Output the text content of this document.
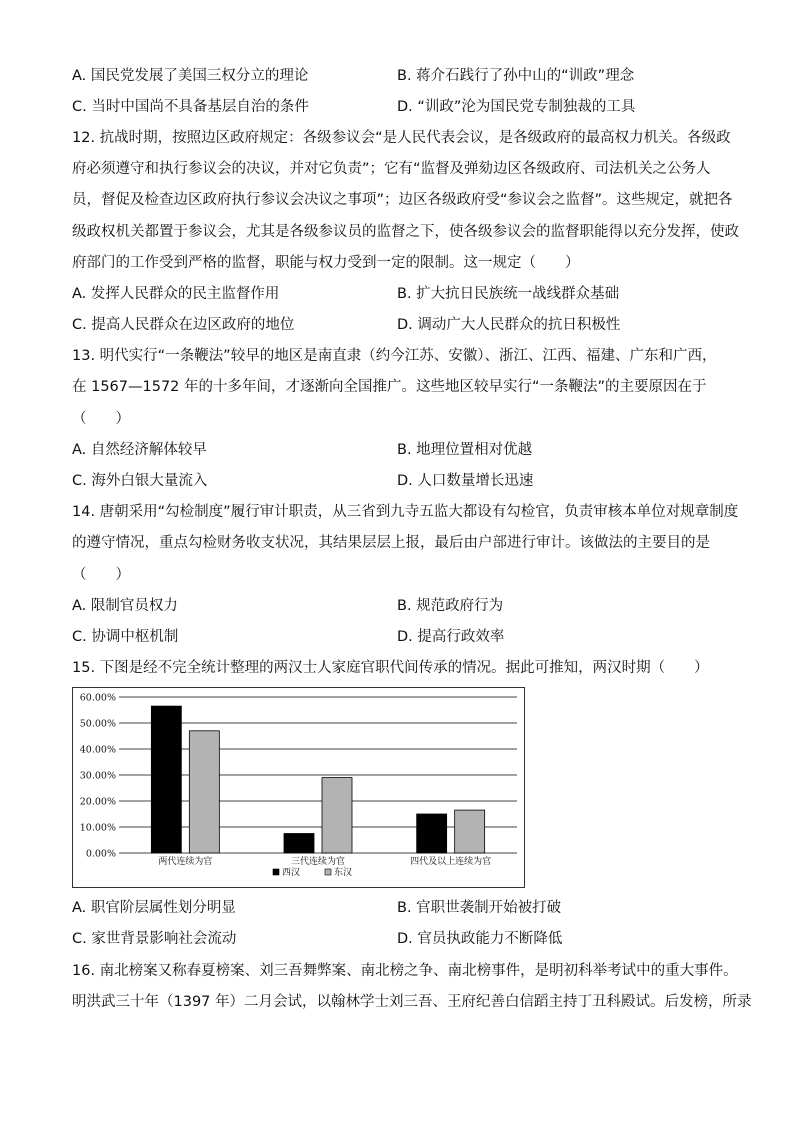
A. 国民党发展了美国三权分立的理论	B. 蒋介石践行了孙中山的“训政”理念
C. 当时中国尚不具备基层自治的条件	D. “训政”沦为国民党专制独裁的工具
12. 抗战时期，按照边区政府规定：各级参议会“是人民代表会议，是各级政府的最高权力机关。各级政
府必须遵守和执行参议会的决议，并对它负责”；它有“监督及弹劾边区各级政府、司法机关之公务人
员，督促及检查边区政府执行参议会决议之事项”；边区各级政府受“参议会之监督”。这些规定，就把各
级政权机关都置于参议会，尤其是各级参议员的监督之下，使各级参议会的监督职能得以充分发挥，使政
府部门的工作受到严格的监督，职能与权力受到一定的限制。这一规定（　　）
A. 发挥人民群众的民主监督作用	B. 扩大抗日民族统一战线群众基础
C. 提高人民群众在边区政府的地位	D. 调动广大人民群众的抗日积极性
13. 明代实行“一条鞭法”较早的地区是南直隶（约今江苏、安徽）、浙江、江西、福建、广东和广西，
在 1567—1572 年的十多年间，才逐渐向全国推广。这些地区较早实行“一条鞭法”的主要原因在于
（　　）
A. 自然经济解体较早	B. 地理位置相对优越
C. 海外白银大量流入	D. 人口数量增长迅速
14. 唐朝采用“勾检制度”履行审计职责，从三省到九寺五监大都设有勾检官，负责审核本单位对规章制度
的遵守情况，重点勾检财务收支状况，其结果层层上报，最后由户部进行审计。该做法的主要目的是
（　　）
A. 限制官员权力	B. 规范政府行为
C. 协调中枢机制	D. 提高行政效率
15. 下图是经不完全统计整理的两汉士人家庭官职代间传承的情况。据此可推知，两汉时期（　　）
0.00%
10.00%
20.00%
30.00%
40.00%
50.00%
60.00%
两代连续为官	三代连续为官	四代及以上连续为官
西汉	东汉
A. 职官阶层属性划分明显	B. 官职世袭制开始被打破
C. 家世背景影响社会流动	D. 官员执政能力不断降低
16. 南北榜案又称春夏榜案、刘三吾舞弊案、南北榜之争、南北榜事件，是明初科举考试中的重大事件。
明洪武三十年（1397 年）二月会试，以翰林学士刘三吾、王府纪善白信蹈主持丁丑科殿试。后发榜，所录
